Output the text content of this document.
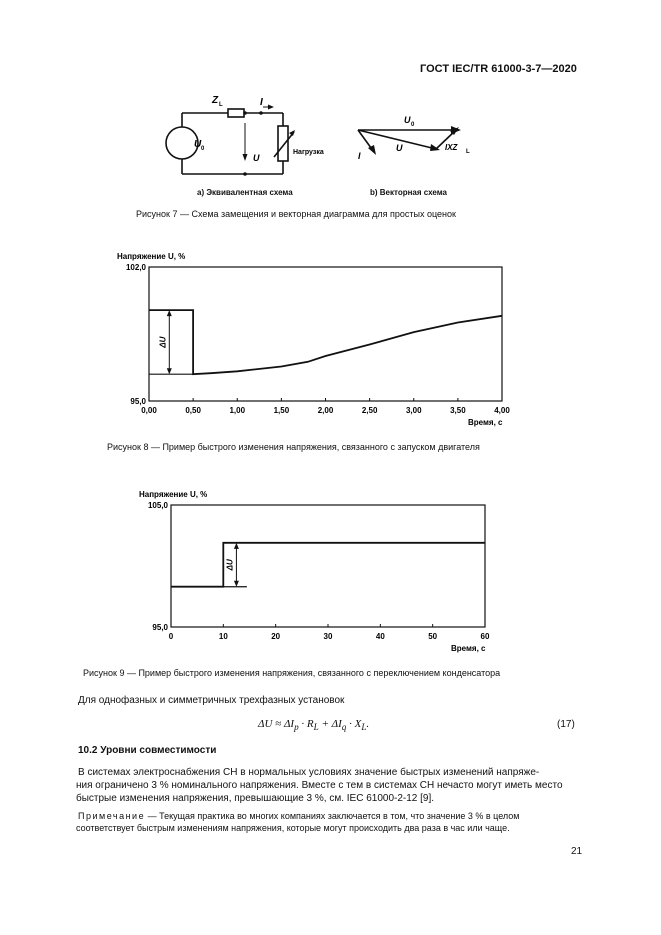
ГОСТ IEC/TR 61000-3-7—2020
Z L	I
U 0
U
Нагрузка
U 0
I
U	IXZ L
а) Эквивалентная схема	b) Векторная схема
Рисунок 7 — Схема замещения и векторная диаграмма для простых оценок
0,00	0,50	1,00	1,50	2,00	2,50	3,00	3,50	4,00
95,0
102,0
Напряжение U, %
Время, с
ΔU
Рисунок 8 — Пример быстрого изменения напряжения, связанного с запуском двигателя
0	10	20	30	40	50	60
95,0
105,0
Напряжение U, %
Время, с
ΔU
Рисунок 9 — Пример быстрого изменения напряжения, связанного с переключением конденсатора
Для однофазных и симметричных трехфазных установок
$\Delta U \approx \Delta I_p \cdot R_L + \Delta I_q \cdot X_L$.	(17)
10.2 Уровни совместимости
В системах электроснабжения СН в нормальных условиях значение быстрых изменений напряже-
ния ограничено 3 % номинального напряжения. Вместе с тем в системах СН нечасто могут иметь место
быстрые изменения напряжения, превышающие 3 %, см. IEC 61000-2-12 [9].
Примечание — Текущая практика во многих компаниях заключается в том, что значение 3 % в целом
соответствует быстрым изменениям напряжения, которые могут происходить два раза в час или чаще.
21
